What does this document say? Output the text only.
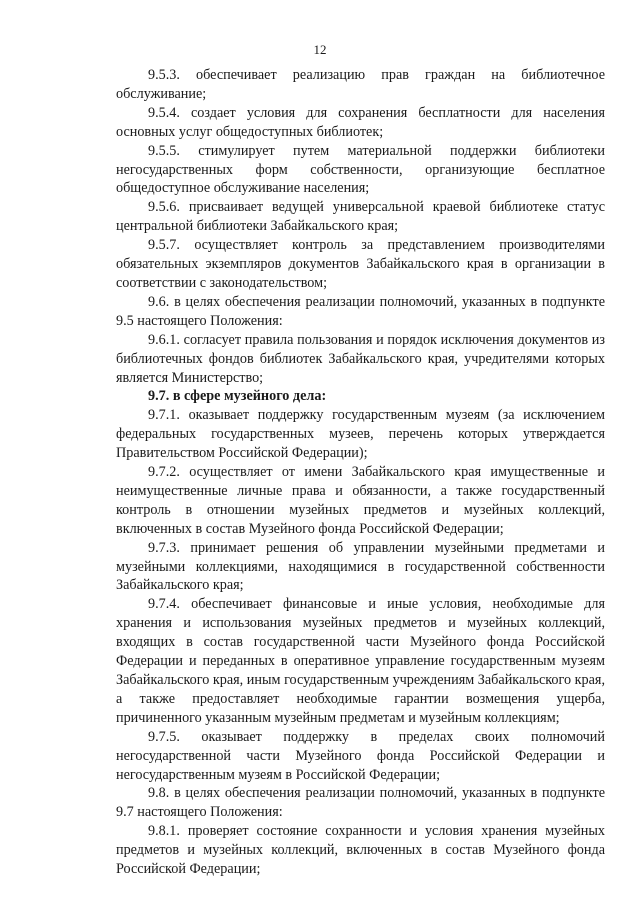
12

9.5.3. обеспечивает реализацию прав граждан на библиотечное обслуживание;

9.5.4. создает условия для сохранения бесплатности для населения основных услуг общедоступных библиотек;

9.5.5. стимулирует путем материальной поддержки библиотеки негосударственных форм собственности, организующие бесплатное общедоступное обслуживание населения;

9.5.6. присваивает ведущей универсальной краевой библиотеке статус центральной библиотеки Забайкальского края;

9.5.7. осуществляет контроль за представлением производителями обязательных экземпляров документов Забайкальского края в организации в соответствии с законодательством;

9.6. в целях обеспечения реализации полномочий, указанных в подпункте 9.5 настоящего Положения:

9.6.1. согласует правила пользования и порядок исключения документов из библиотечных фондов библиотек Забайкальского края, учредителями которых является Министерство;

9.7. в сфере музейного дела:

9.7.1. оказывает поддержку государственным музеям (за исключением федеральных государственных музеев, перечень которых утверждается Правительством Российской Федерации);

9.7.2. осуществляет от имени Забайкальского края имущественные и неимущественные личные права и обязанности, а также государственный контроль в отношении музейных предметов и музейных коллекций, включенных в состав Музейного фонда Российской Федерации;

9.7.3. принимает решения об управлении музейными предметами и музейными коллекциями, находящимися в государственной собственности Забайкальского края;

9.7.4. обеспечивает финансовые и иные условия, необходимые для хранения и использования музейных предметов и музейных коллекций, входящих в состав государственной части Музейного фонда Российской Федерации и переданных в оперативное управление государственным музеям Забайкальского края, иным государственным учреждениям Забайкальского края, а также предоставляет необходимые гарантии возмещения ущерба, причиненного указанным музейным предметам и музейным коллекциям;

9.7.5. оказывает поддержку в пределах своих полномочий негосударственной части Музейного фонда Российской Федерации и негосударственным музеям в Российской Федерации;

9.8. в целях обеспечения реализации полномочий, указанных в подпункте 9.7 настоящего Положения:

9.8.1. проверяет состояние сохранности и условия хранения музейных предметов и музейных коллекций, включенных в состав Музейного фонда Российской Федерации;
